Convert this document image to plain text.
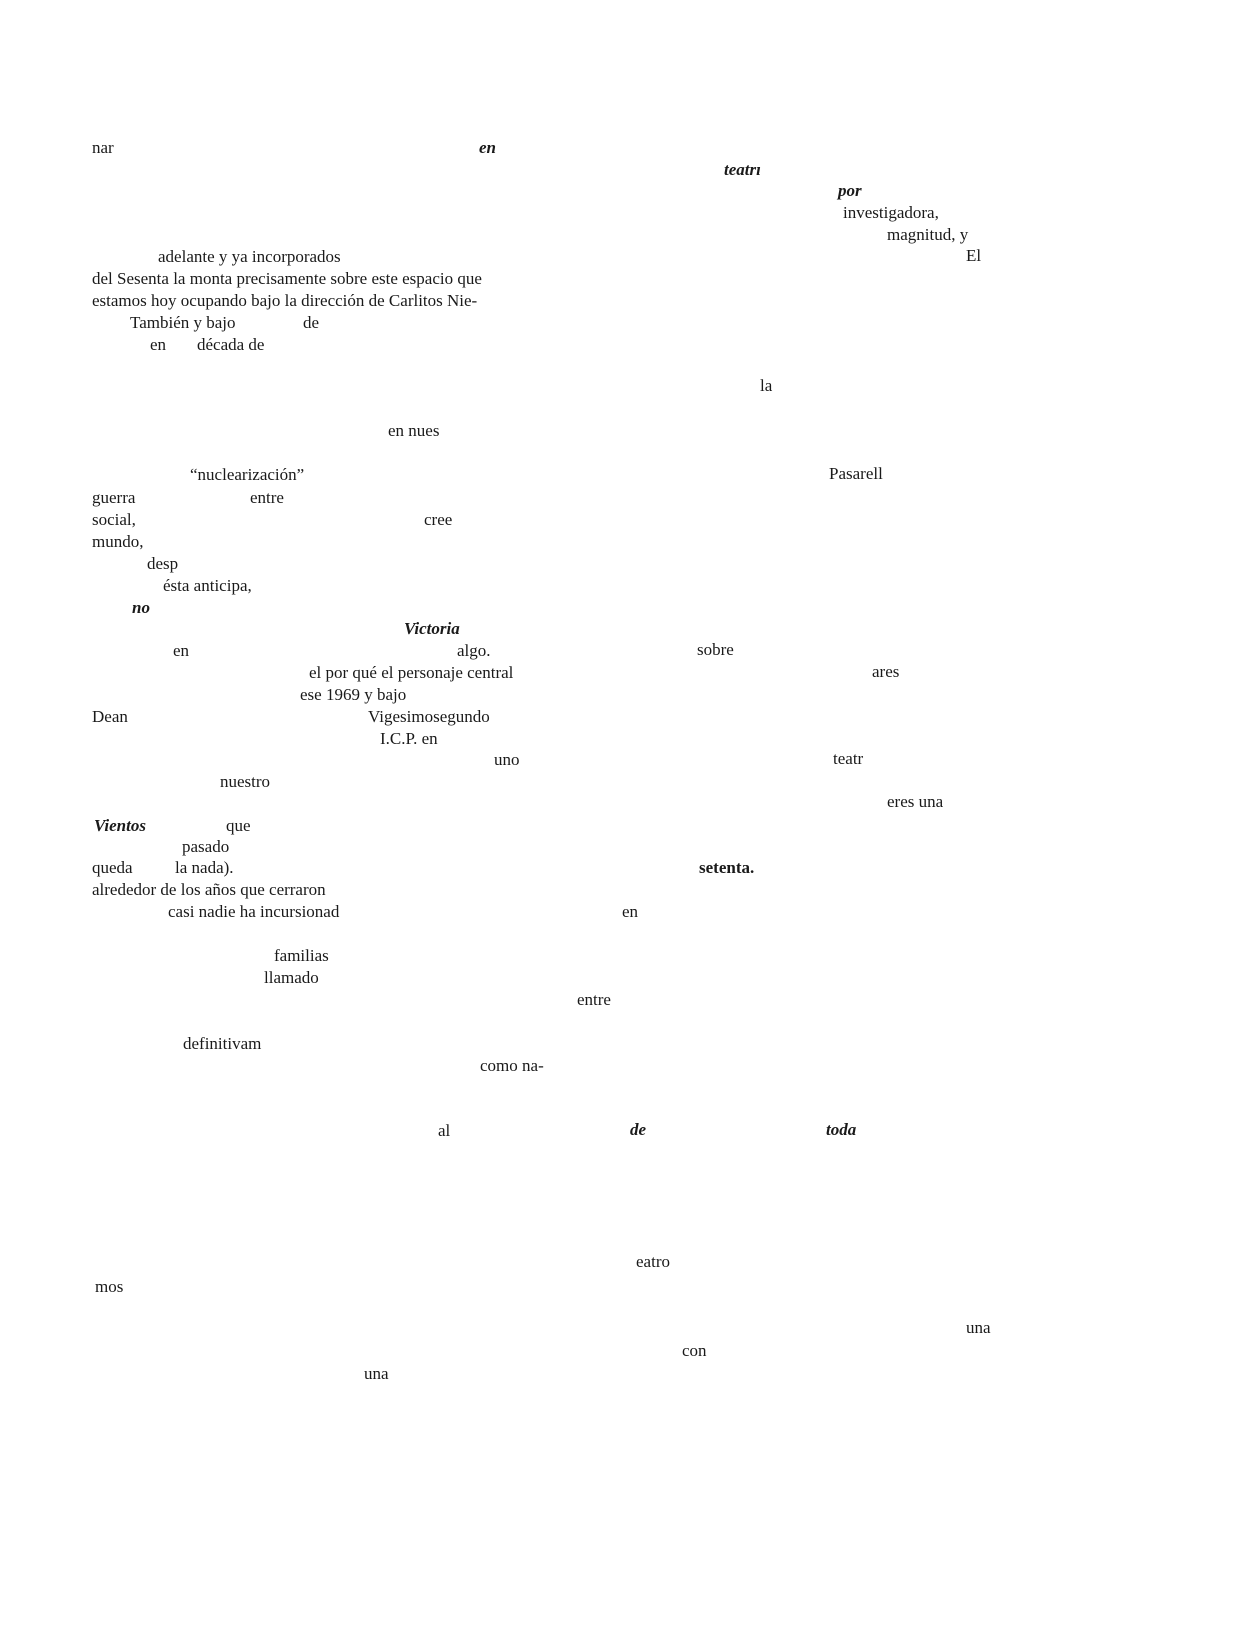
nar	en
teatrı
por
investigadora,
magnitud, y
adelante y ya incorporados	El
del Sesenta la monta precisamente sobre este espacio que
estamos hoy ocupando bajo la dirección de Carlitos Nie-
También y bajo	de
en década de
la
en nues
“nuclearización”	Pasarell
guerra	entre
social,	cree
mundo,
desp
ésta anticipa,
no
Victoria
en	algo.	sobre
el por qué el personaje central	ares
ese 1969 y bajo
Dean	Vigesimosegundo
I.C.P. en
uno	teatr
nuestro
eres una
Vientos	que
pasado
queda la nada).	setenta.
alrededor de los años que cerraron
casi nadie ha incursionad	en
familias
llamado
entre
definitivam
como na-
al	de	toda
eatro
mos
una
con
una
